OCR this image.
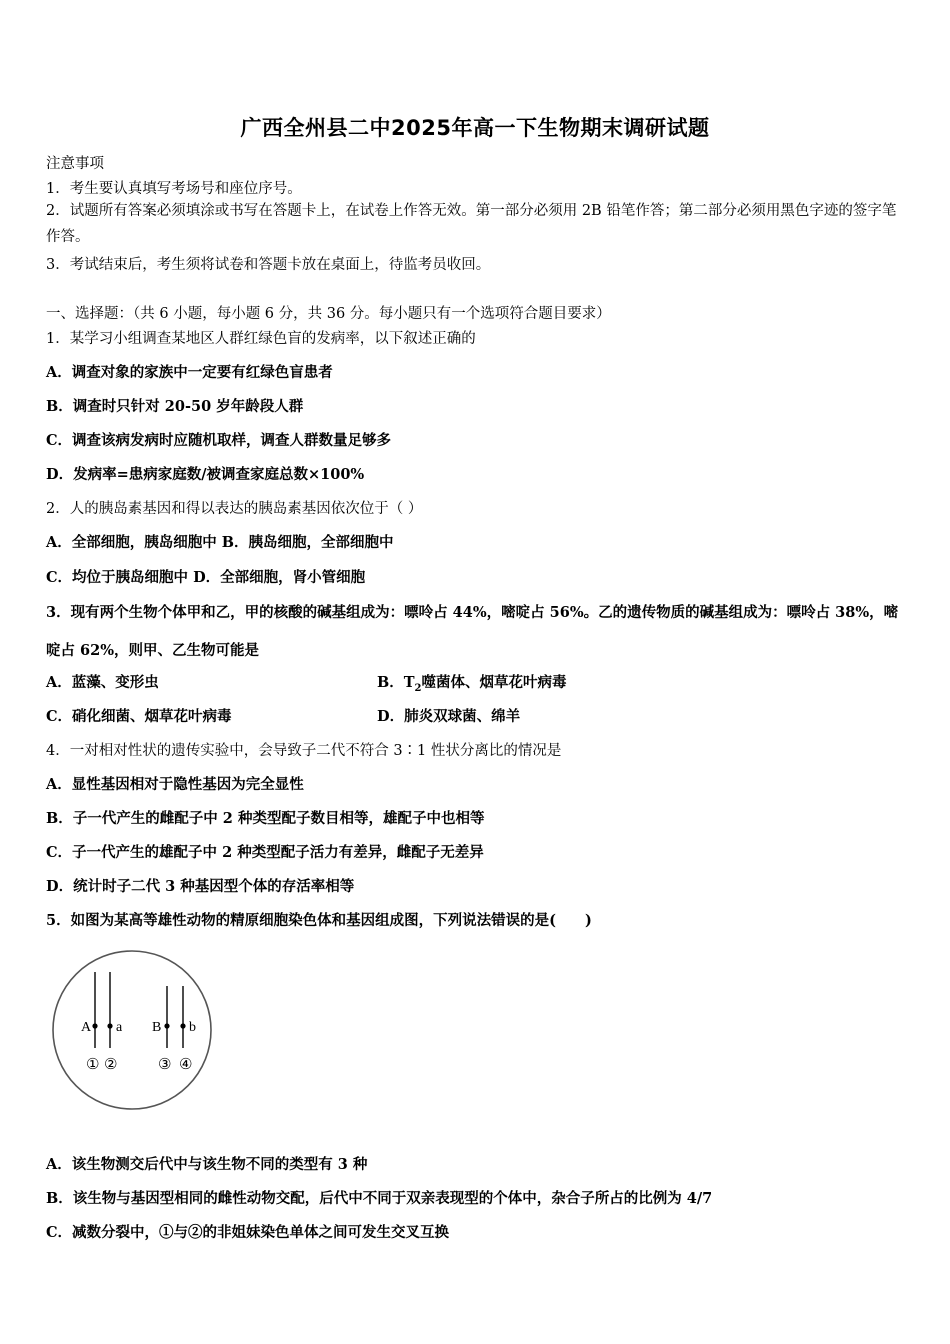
广西全州县二中2025年高一下生物期末调研试题
注意事项
1．考生要认真填写考场号和座位序号。
2．试题所有答案必须填涂或书写在答题卡上，在试卷上作答无效。第一部分必须用 2B 铅笔作答；第二部分必须用黑色字迹的签字笔作答。
3．考试结束后，考生须将试卷和答题卡放在桌面上，待监考员收回。
一、选择题：（共 6 小题，每小题 6 分，共 36 分。每小题只有一个选项符合题目要求）
1．某学习小组调查某地区人群红绿色盲的发病率，以下叙述正确的
A．调查对象的家族中一定要有红绿色盲患者
B．调查时只针对 20-50 岁年龄段人群
C．调查该病发病时应随机取样，调查人群数量足够多
D．发病率=患病家庭数/被调查家庭总数×100%
2．人的胰岛素基因和得以表达的胰岛素基因依次位于（ ）
A．全部细胞，胰岛细胞中 B．胰岛细胞，全部细胞中
C．均位于胰岛细胞中 D．全部细胞，肾小管细胞
3．现有两个生物个体甲和乙，甲的核酸的碱基组成为：嘌呤占 44%，嘧啶占 56%。乙的遗传物质的碱基组成为：嘌呤占 38%，嘧啶占 62%，则甲、乙生物可能是
A．蓝藻、变形虫	B．$T_2$噬菌体、烟草花叶病毒
C．硝化细菌、烟草花叶病毒	D．肺炎双球菌、绵羊
4．一对相对性状的遗传实验中，会导致子二代不符合 3∶1 性状分离比的情况是
A．显性基因相对于隐性基因为完全显性
B．子一代产生的雌配子中 2 种类型配子数目相等，雄配子中也相等
C．子一代产生的雄配子中 2 种类型配子活力有差异，雌配子无差异
D．统计时子二代 3 种基因型个体的存活率相等
5．如图为某高等雄性动物的精原细胞染色体和基因组成图，下列说法错误的是(　　)
A a B b
① ②	③ ④
A．该生物测交后代中与该生物不同的类型有 3 种
B．该生物与基因型相同的雌性动物交配，后代中不同于双亲表现型的个体中，杂合子所占的比例为 4/7
C．减数分裂中，①与②的非姐妹染色单体之间可发生交叉互换
